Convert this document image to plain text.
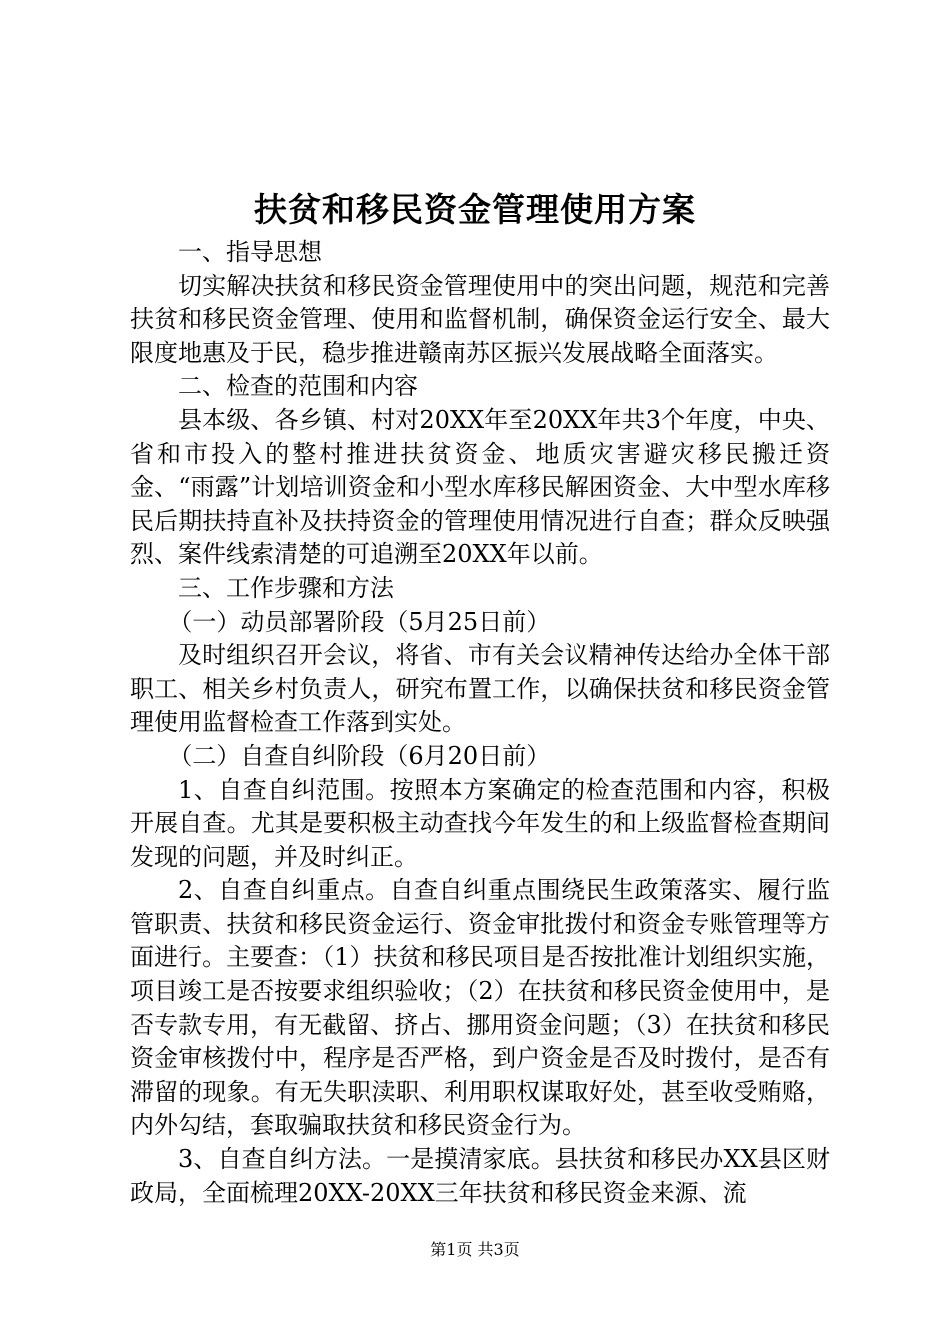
扶贫和移民资金管理使用方案

一、指导思想

切实解决扶贫和移民资金管理使用中的突出问题，规范和完善扶贫和移民资金管理、使用和监督机制，确保资金运行安全、最大限度地惠及于民，稳步推进赣南苏区振兴发展战略全面落实。

二、检查的范围和内容

县本级、各乡镇、村对20XX年至20XX年共3个年度，中央、省和市投入的整村推进扶贫资金、地质灾害避灾移民搬迁资金、“雨露”计划培训资金和小型水库移民解困资金、大中型水库移民后期扶持直补及扶持资金的管理使用情况进行自查；群众反映强烈、案件线索清楚的可追溯至20XX年以前。

三、工作步骤和方法

（一）动员部署阶段（5月25日前）

及时组织召开会议，将省、市有关会议精神传达给办全体干部职工、相关乡村负责人，研究布置工作，以确保扶贫和移民资金管理使用监督检查工作落到实处。

（二）自查自纠阶段（6月20日前）

1、自查自纠范围。按照本方案确定的检查范围和内容，积极开展自查。尤其是要积极主动查找今年发生的和上级监督检查期间发现的问题，并及时纠正。

2、自查自纠重点。自查自纠重点围绕民生政策落实、履行监管职责、扶贫和移民资金运行、资金审批拨付和资金专账管理等方面进行。主要查：（1）扶贫和移民项目是否按批准计划组织实施，项目竣工是否按要求组织验收；（2）在扶贫和移民资金使用中，是否专款专用，有无截留、挤占、挪用资金问题；（3）在扶贫和移民资金审核拨付中，程序是否严格，到户资金是否及时拨付，是否有滞留的现象。有无失职渎职、利用职权谋取好处，甚至收受贿赂，内外勾结，套取骗取扶贫和移民资金行为。

3、自查自纠方法。一是摸清家底。县扶贫和移民办XX县区财政局，全面梳理20XX-20XX三年扶贫和移民资金来源、流

第1页 共3页
